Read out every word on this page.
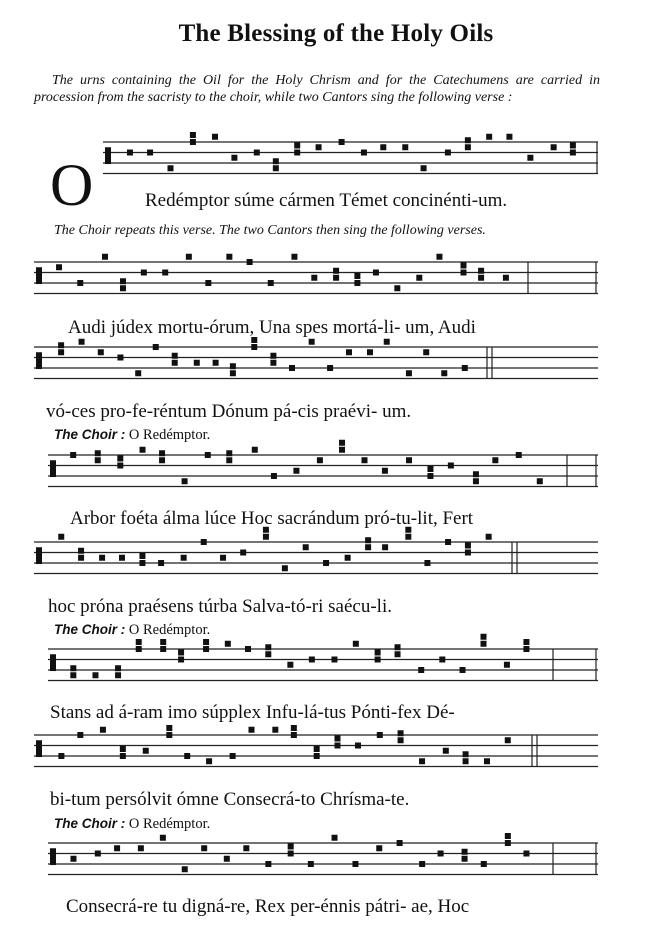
The Blessing of the Holy Oils
The urns containing the Oil for the Holy Chrism and for the Catechumens are carried in procession from the sacristy to the choir, while two Cantors sing the following verse :
O	Redémptor súme cármen Témet concinénti-um.
The Choir repeats this verse. The two Cantors then sing the following verses.
Audi júdex mortu-órum, Una spes mortá-li- um, Audi
vó-ces pro-fe-réntum Dónum pá-cis praévi- um.
The Choir : O Redémptor.
Arbor foéta álma lúce Hoc sacrándum pró-tu-lit, Fert
hoc próna praésens túrba Salva-tó-ri saécu-li.
The Choir : O Redémptor.
Stans ad á-ram imo súpplex Infu-lá-tus Pónti-fex Dé-
bi-tum persólvit ómne Consecrá-to Chrísma-te.
The Choir : O Redémptor.
Consecrá-re tu digná-re, Rex per-énnis pátri- ae, Hoc
